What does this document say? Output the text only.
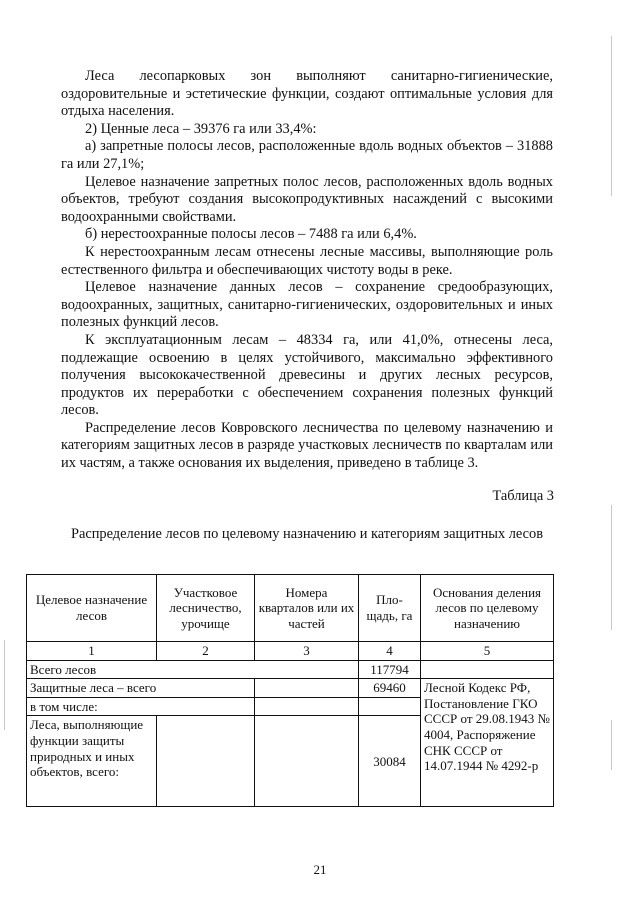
Леса лесопарковых зон выполняют санитарно-гигиенические, оздоровительные и эстетические функции, создают оптимальные условия для отдыха населения.

2) Ценные леса – 39376 га или 33,4%:

а) запретные полосы лесов, расположенные вдоль водных объектов – 31888 га или 27,1%;

Целевое назначение запретных полос лесов, расположенных вдоль водных объектов, требуют создания высокопродуктивных насаждений с высокими водоохранными свойствами.

б) нерестоохранные полосы лесов – 7488 га или 6,4%.

К нерестоохранным лесам отнесены лесные массивы, выполняющие роль естественного фильтра и обеспечивающих чистоту воды в реке.

Целевое назначение данных лесов – сохранение средообразующих, водоохранных, защитных, санитарно-гигиенических, оздоровительных и иных полезных функций лесов.

К эксплуатационным лесам – 48334 га, или 41,0%, отнесены леса, подлежащие освоению в целях устойчивого, максимально эффективного получения высококачественной древесины и других лесных ресурсов, продуктов их переработки с обеспечением сохранения полезных функций лесов.

Распределение лесов Ковровского лесничества по целевому назначению и категориям защитных лесов в разряде участковых лесничеств по кварталам или их частям, а также основания их выделения, приведено в таблице 3.

Таблица 3
Распределение лесов по целевому назначению и категориям защитных лесов
Целевое назначение лесов	Участковое лесничество, урочище	Номера кварталов или их частей	Пло-щадь, га	Основания деления лесов по целевому назначению
1	2	3	4	5
Всего лесов			117794	
Защитные леса – всего			69460	Лесной Кодекс РФ, Постановление ГКО СССР от 29.08.1943 № 4004, Распоряжение СНК СССР от 14.07.1944 № 4292-р
в том числе:				
Леса, выполняющие функции защиты природных и иных объектов, всего:			30084	
21
